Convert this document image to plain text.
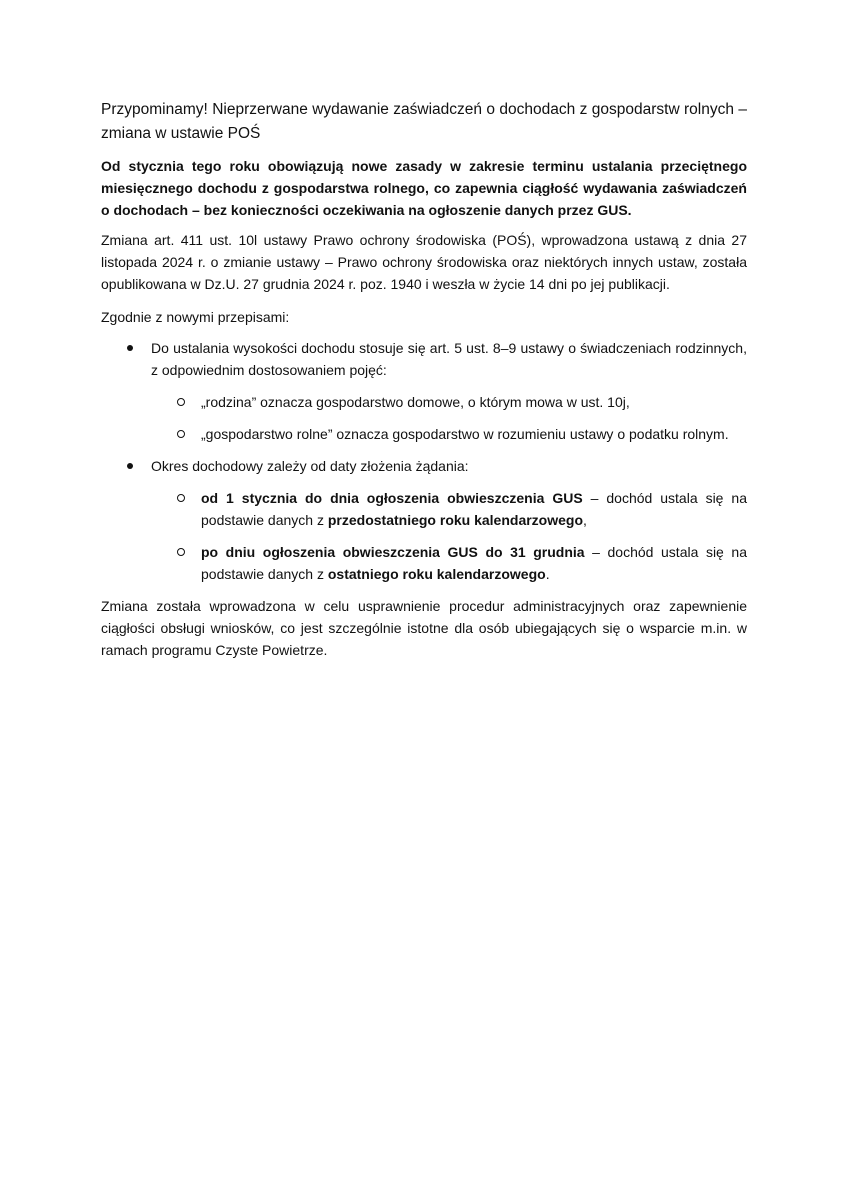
Przypominamy! Nieprzerwane wydawanie zaświadczeń o dochodach z gospodarstw rolnych – zmiana w ustawie POŚ

Od stycznia tego roku obowiązują nowe zasady w zakresie terminu ustalania przeciętnego miesięcznego dochodu z gospodarstwa rolnego, co zapewnia ciągłość wydawania zaświadczeń o dochodach – bez konieczności oczekiwania na ogłoszenie danych przez GUS.

Zmiana art. 411 ust. 10l ustawy Prawo ochrony środowiska (POŚ), wprowadzona ustawą z dnia 27 listopada 2024 r. o zmianie ustawy – Prawo ochrony środowiska oraz niektórych innych ustaw, została opublikowana w Dz.U. 27 grudnia 2024 r. poz. 1940 i weszła w życie 14 dni po jej publikacji.

Zgodnie z nowymi przepisami:

Do ustalania wysokości dochodu stosuje się art. 5 ust. 8–9 ustawy o świadczeniach rodzinnych, z odpowiednim dostosowaniem pojęć:
„rodzina” oznacza gospodarstwo domowe, o którym mowa w ust. 10j,
„gospodarstwo rolne” oznacza gospodarstwo w rozumieniu ustawy o podatku rolnym.
Okres dochodowy zależy od daty złożenia żądania:
od 1 stycznia do dnia ogłoszenia obwieszczenia GUS – dochód ustala się na podstawie danych z przedostatniego roku kalendarzowego,
po dniu ogłoszenia obwieszczenia GUS do 31 grudnia – dochód ustala się na podstawie danych z ostatniego roku kalendarzowego.

Zmiana została wprowadzona w celu usprawnienie procedur administracyjnych oraz zapewnienie ciągłości obsługi wniosków, co jest szczególnie istotne dla osób ubiegających się o wsparcie m.in. w ramach programu Czyste Powietrze.
